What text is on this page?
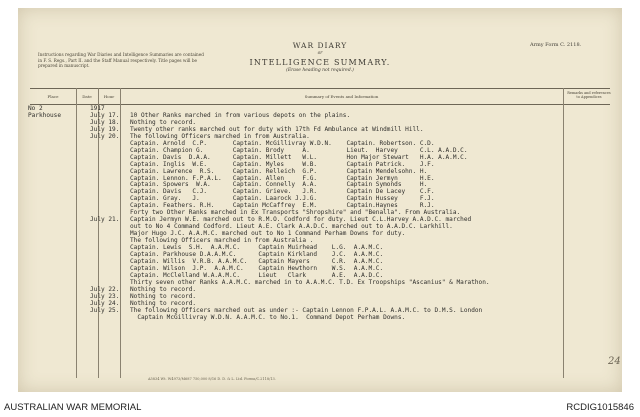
Instructions regarding War Diaries and Intelligence Summaries are contained in F. S. Regs., Part II. and the Staff Manual respectively. Title pages will be prepared in manuscript.
WAR DIARY
or
INTELLIGENCE SUMMARY.
(Erase heading not required.)
Army Form C. 2118.
Place	Date	Hour	Summary of Events and Information
Remarks and references to Appendices
No 2	1917
Parkhouse	July 17. 10 Other Ranks marched in from various depots on the plains.
July 18. Nothing to record.
July 19. Twenty other ranks marched out for duty with 17th Fd Ambulance at Windmill Hill.
July 20. The following Officers marched in from Australia.
Captain. Arnold  C.P.       Captain. McGillivray W.D.N.    Captain. Robertson. C.D.
Captain. Champion G.        Captain. Brody     A.          Lieut.  Harvey      C.L. A.A.D.C.
Captain. Davis  D.A.A.      Captain. Millett   W.L.        Hon Major Stewart   H.A. A.A.M.C.
Captain. Inglis  W.E.       Captain. Myles     W.B.        Captain Patrick.    J.F.
Captain. Lawrence  R.S.     Captain. Relleich  G.P.        Captain Mendelsohn. H.
Captain. Lennon. F.P.A.L.   Captain. Allen     F.G.        Captain Jermyn      H.E.
Captain. Spowers  W.A.      Captain. Connelly  A.A.        Captain Symonds     H.
Captain. Davis   C.J.       Captain. Grieve.   J.R.        Captain De Lacey    C.F.
Captain. Gray.   J.         Captain. Laarock J.J.G.        Captain Hussey      F.J.
Captain. Feathers. R.H.     Captain McCaffrey  E.M.        Captain.Haynes      R.J.
Forty two Other Ranks marched in Ex Transports "Shropshire" and "Benalla". From Australia.
July 21. Captain Jermyn W.E. marched out to R.M.O. Codford for duty. Lieut C.L.Harvey A.A.D.C. marched
out to No 4 Command Codford. Lieut A.E. Clark A.A.D.C. marched out to A.A.D.C. Larkhill.
Major Hugo J.C. A.A.M.C. marched out to No 1 Command Perham Downs for duty.
The following Officers marched in from Australia .
Captain. Lewis  S.H.  A.A.M.C.     Captain Muirhead    L.G.  A.A.M.C.
Captain. Parkhouse D.A.A.M.C.      Captain Kirkland    J.C.  A.A.M.C.
Captain. Willis  V.R.B. A.A.M.C.   Captain Mayers      C.R.  A.A.M.C.
Captain. Wilson  J.P.  A.A.M.C.    Captain Hewthorn    W.S.  A.A.M.C.
Captain. McClelland W.A.A.M.C.     Lieut   Clark       A.E.  A.A.D.C.
Thirty seven other Ranks A.A.M.C. marched in to A.A.M.C. T.D. Ex Troopships "Ascanius" & Marathon.
July 22. Nothing to record.
July 23. Nothing to record.
July 24. Nothing to record.
July 25. The following Officers marched out as under :- Captain Lennon F.P.A.L. A.A.M.C. to D.M.S. London
Captain McGillivray W.D.N. A.A.M.C. to No.1.  Command Depot Perham Downs.
A5834 Wt. W4973/M687 750,000 8/16 D. D. & L. Ltd. Forms/C.2118/13.
24
AUSTRALIAN WAR MEMORIAL	RCDIG1015846
